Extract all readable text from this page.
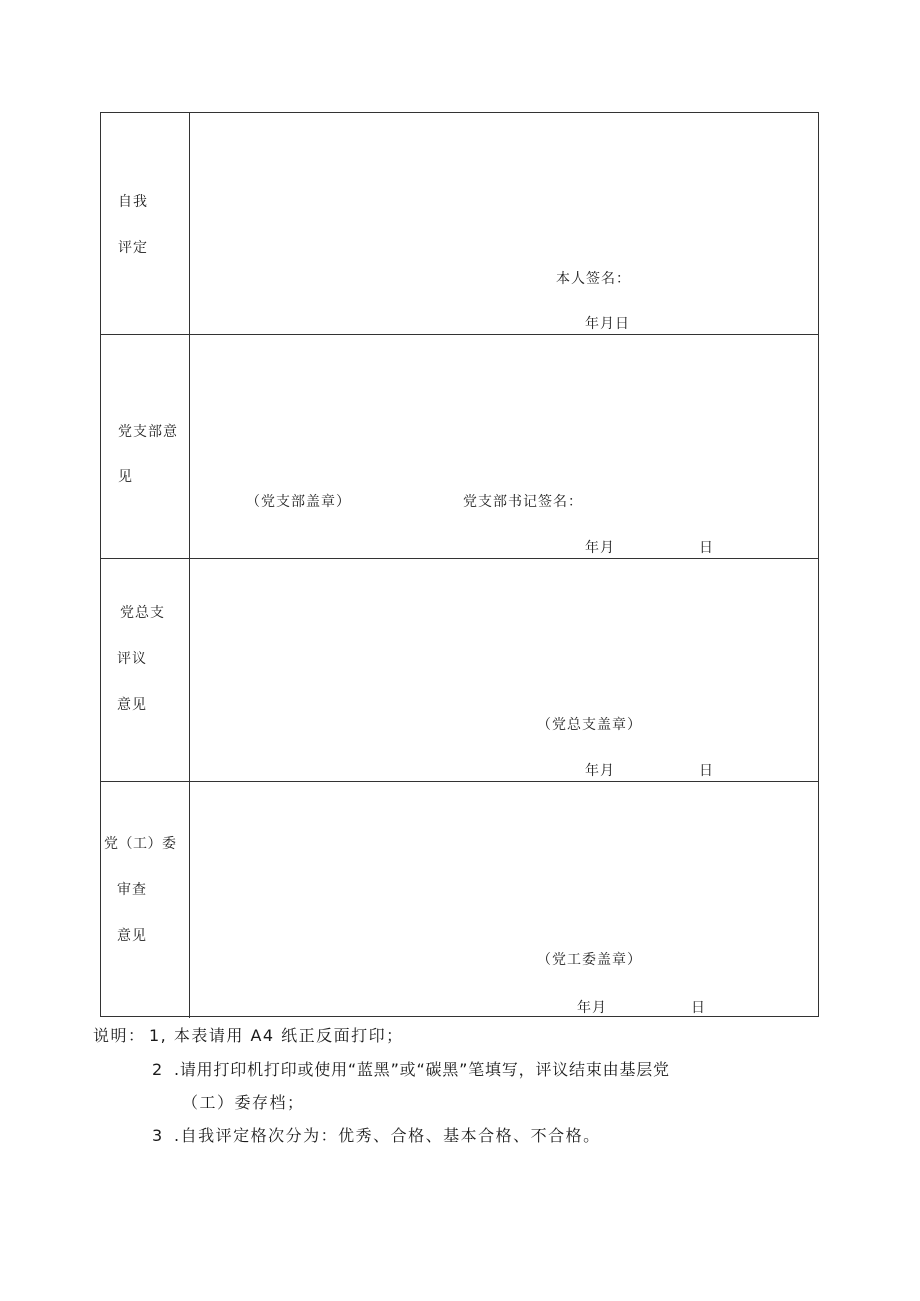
自我
评定
本人签名：
年月日
党支部意
见
（党支部盖章）	党支部书记签名：
年月	日
党总支
评议
意见
（党总支盖章）
年月	日
党（工）委
审查
意见
（党工委盖章）
年月	日
说明： 1, 本表请用 A4 纸正反面打印；
2 .请用打印机打印或使用“蓝黑”或“碳黑”笔填写，评议结束由基层党
（工）委存档；
3 .自我评定格次分为：优秀、合格、基本合格、不合格。
